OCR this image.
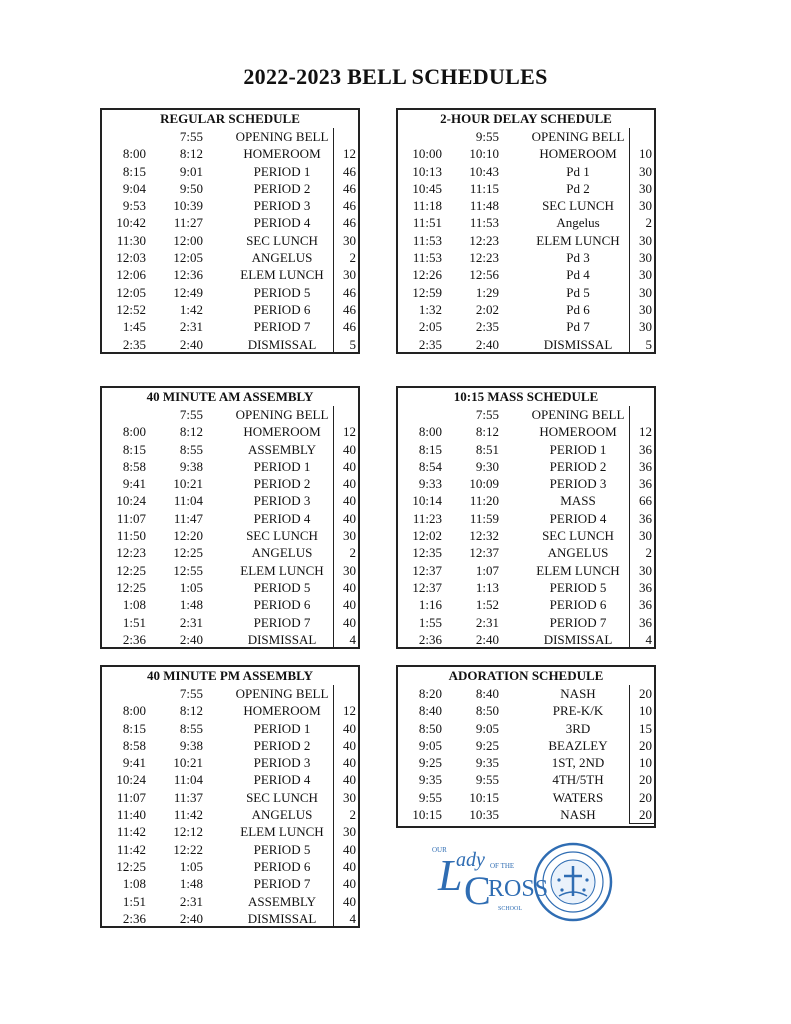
2022-2023 BELL SCHEDULES
REGULAR SCHEDULE
7:55	OPENING BELL
8:00	8:12	HOMEROOM	12
8:15	9:01	PERIOD 1	46
9:04	9:50	PERIOD 2	46
9:53 10:39	PERIOD 3	46
10:42 11:27	PERIOD 4	46
11:30 12:00	SEC LUNCH	30
12:03 12:05	ANGELUS	2
12:06 12:36	ELEM LUNCH	30
12:05 12:49	PERIOD 5	46
12:52	1:42	PERIOD 6	46
1:45	2:31	PERIOD 7	46
2:35	2:40	DISMISSAL	5
2-HOUR DELAY SCHEDULE
9:55	OPENING BELL
10:00 10:10	HOMEROOM	10
10:13 10:43	Pd 1	30
10:45 11:15	Pd 2	30
11:18 11:48	SEC LUNCH	30
11:51 11:53	Angelus	2
11:53 12:23	ELEM LUNCH	30
11:53 12:23	Pd 3	30
12:26 12:56	Pd 4	30
12:59	1:29	Pd 5	30
1:32	2:02	Pd 6	30
2:05	2:35	Pd 7	30
2:35	2:40	DISMISSAL	5
40 MINUTE AM ASSEMBLY
7:55	OPENING BELL
8:00	8:12	HOMEROOM	12
8:15	8:55	ASSEMBLY	40
8:58	9:38	PERIOD 1	40
9:41 10:21	PERIOD 2	40
10:24 11:04	PERIOD 3	40
11:07 11:47	PERIOD 4	40
11:50 12:20	SEC LUNCH	30
12:23 12:25	ANGELUS	2
12:25 12:55	ELEM LUNCH	30
12:25	1:05	PERIOD 5	40
1:08	1:48	PERIOD 6	40
1:51	2:31	PERIOD 7	40
2:36	2:40	DISMISSAL	4
10:15 MASS SCHEDULE
7:55	OPENING BELL
8:00	8:12	HOMEROOM	12
8:15	8:51	PERIOD 1	36
8:54	9:30	PERIOD 2	36
9:33 10:09	PERIOD 3	36
10:14 11:20	MASS	66
11:23 11:59	PERIOD 4	36
12:02 12:32	SEC LUNCH	30
12:35 12:37	ANGELUS	2
12:37	1:07	ELEM LUNCH	30
12:37	1:13	PERIOD 5	36
1:16	1:52	PERIOD 6	36
1:55	2:31	PERIOD 7	36
2:36	2:40	DISMISSAL	4
40 MINUTE PM ASSEMBLY
7:55	OPENING BELL
8:00	8:12	HOMEROOM	12
8:15	8:55	PERIOD 1	40
8:58	9:38	PERIOD 2	40
9:41 10:21	PERIOD 3	40
10:24 11:04	PERIOD 4	40
11:07 11:37	SEC LUNCH	30
11:40 11:42	ANGELUS	2
11:42 12:12	ELEM LUNCH	30
11:42 12:22	PERIOD 5	40
12:25	1:05	PERIOD 6	40
1:08	1:48	PERIOD 7	40
1:51	2:31	ASSEMBLY	40
2:36	2:40	DISMISSAL	4
ADORATION SCHEDULE
8:20	8:40	NASH	20
8:40	8:50	PRE-K/K	10
8:50	9:05	3RD	15
9:05	9:25	BEAZLEY	20
9:25	9:35	1ST, 2ND	10
9:35	9:55	4TH/5TH	20
9:55 10:15	WATERS	20
10:15 10:35	NASH	20
OUR
L
ady OF THE
C
ROSS
SCHOOL
